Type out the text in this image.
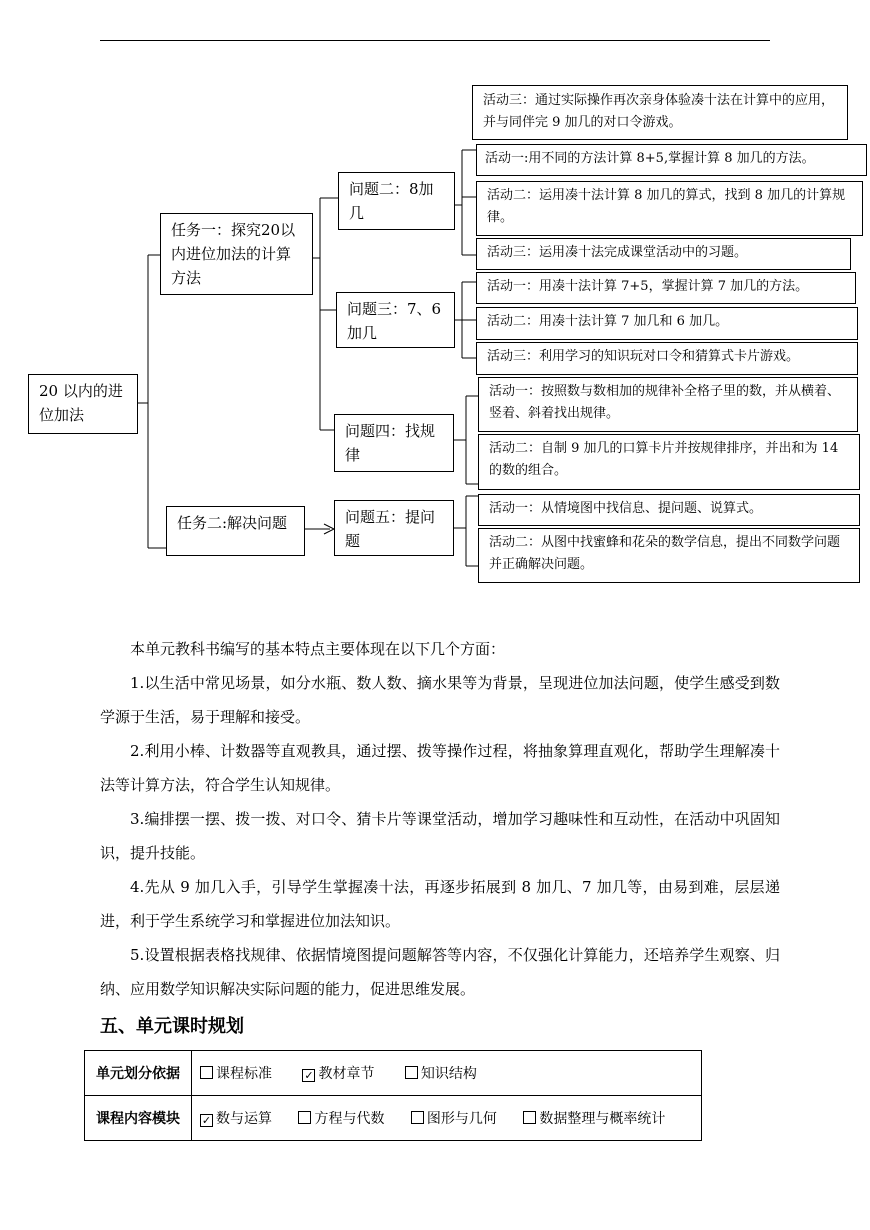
20 以内的进位加法
任务一：探究20以内进位加法的计算方法
任务二:解决问题
问题二：8加几
问题三：7、6加几
问题四：找规律
问题五：提问题
活动三：通过实际操作再次亲身体验凑十法在计算中的应用，并与同伴完 9 加几的对口令游戏。
活动一:用不同的方法计算 8+5,掌握计算 8 加几的方法。
活动二：运用凑十法计算 8 加几的算式，找到 8 加几的计算规律。
活动三：运用凑十法完成课堂活动中的习题。
活动一：用凑十法计算 7+5，掌握计算 7 加几的方法。
活动二：用凑十法计算 7 加几和 6 加几。
活动三：利用学习的知识玩对口令和猜算式卡片游戏。
活动一：按照数与数相加的规律补全格子里的数，并从横着、竖着、斜着找出规律。
活动二：自制 9 加几的口算卡片并按规律排序，并出和为 14 的数的组合。
活动一：从情境图中找信息、提问题、说算式。
活动二：从图中找蜜蜂和花朵的数学信息，提出不同数学问题并正确解决问题。
本单元教科书编写的基本特点主要体现在以下几个方面：
1.以生活中常见场景，如分水瓶、数人数、摘水果等为背景，呈现进位加法问题，使学生感受到数学源于生活，易于理解和接受。
2.利用小棒、计数器等直观教具，通过摆、拨等操作过程，将抽象算理直观化，帮助学生理解凑十法等计算方法，符合学生认知规律。
3.编排摆一摆、拨一拨、对口令、猜卡片等课堂活动，增加学习趣味性和互动性，在活动中巩固知识，提升技能。
4.先从 9 加几入手，引导学生掌握凑十法，再逐步拓展到 8 加几、7 加几等，由易到难，层层递进，利于学生系统学习和掌握进位加法知识。
5.设置根据表格找规律、依据情境图提问题解答等内容，不仅强化计算能力，还培养学生观察、归纳、应用数学知识解决实际问题的能力，促进思维发展。
五、单元课时规划
单元划分依据	课程标准 ✓ 教材章节 知识结构
课程内容模块	✓ 数与运算 方程与代数 图形与几何 数据整理与概率统计
